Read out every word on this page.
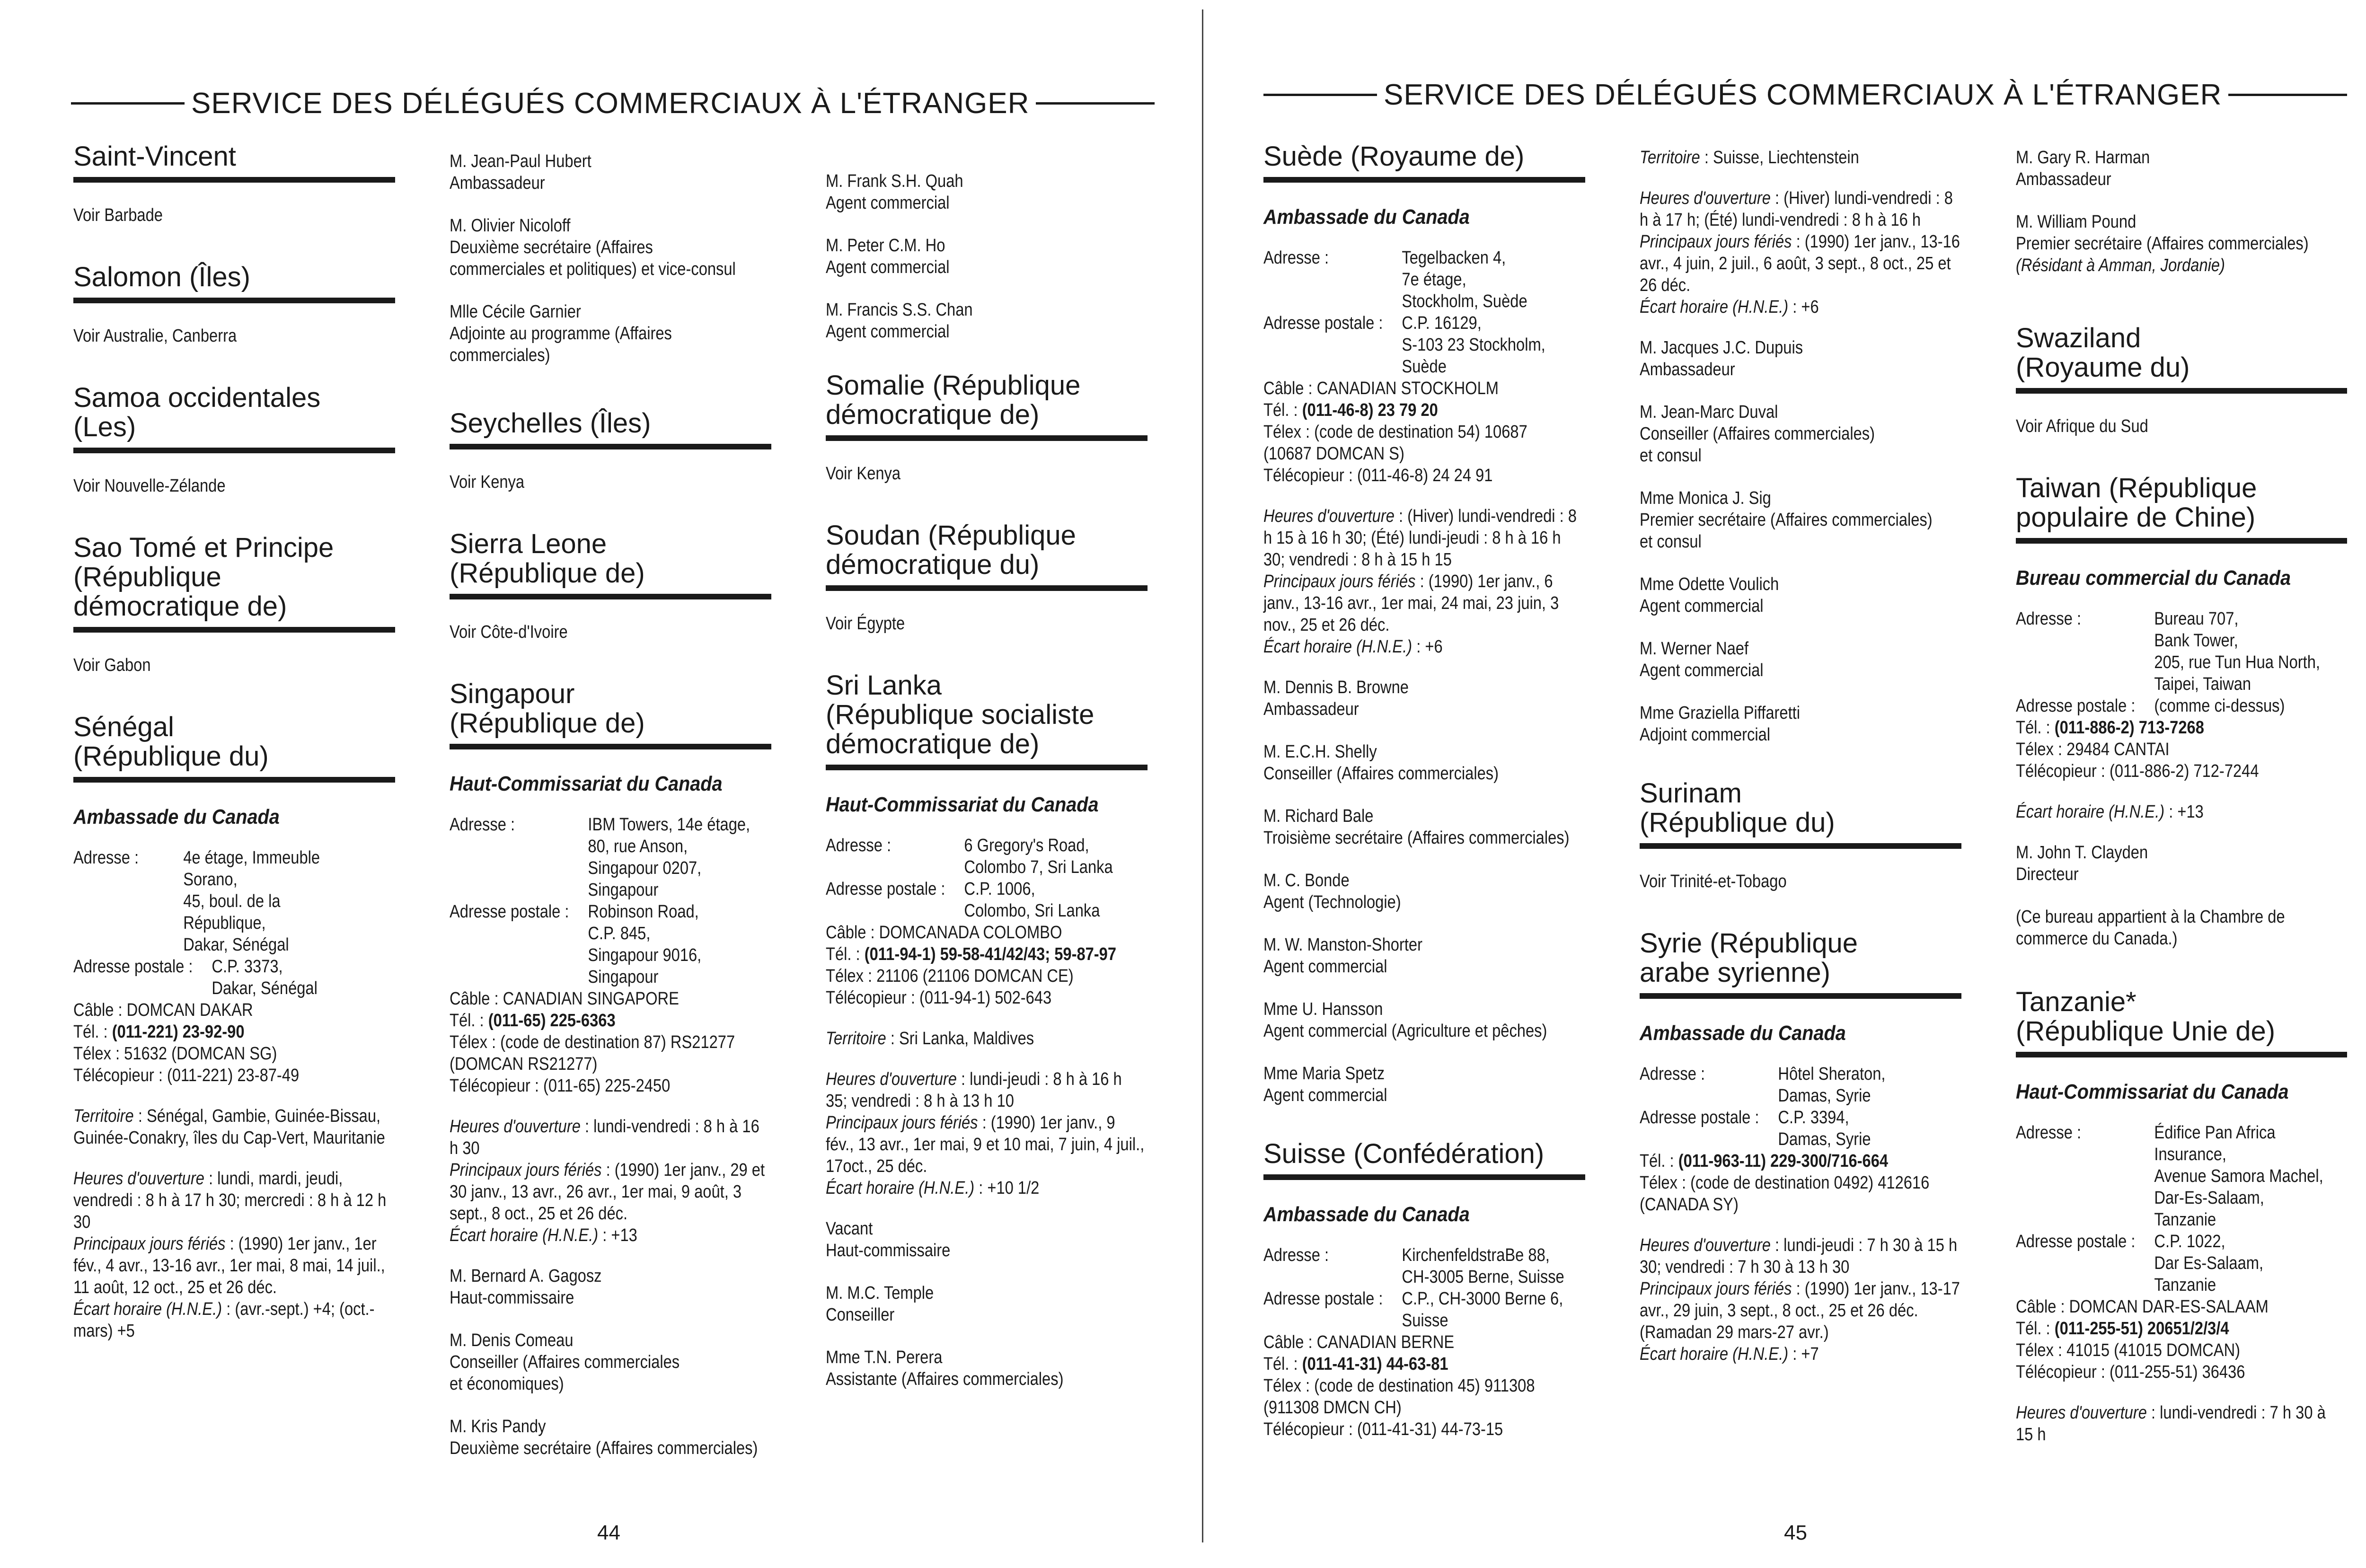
SERVICE DES DÉLÉGUÉS COMMERCIAUX À L'ÉTRANGER
Saint-Vincent
Voir Barbade
Salomon (Îles)
Voir Australie, Canberra
Samoa occidentales
(Les)
Voir Nouvelle-Zélande
Sao Tomé et Principe
(République
démocratique de)
Voir Gabon
Sénégal
(République du)
Ambassade du Canada
Adresse :	4e étage, Immeuble
Sorano,
45, boul. de la
République,
Dakar, Sénégal
Adresse postale :	C.P. 3373,
Dakar, Sénégal
Câble : DOMCAN DAKAR
Tél. : (011-221) 23-92-90
Télex : 51632 (DOMCAN SG)
Télécopieur : (011-221) 23-87-49
Territoire : Sénégal, Gambie, Guinée-Bissau, Guinée-Conakry, îles du Cap-Vert, Mauritanie
Heures d'ouverture : lundi, mardi, jeudi, vendredi : 8 h à 17 h 30; mercredi : 8 h à 12 h 30
Principaux jours fériés : (1990) 1er janv., 1er fév., 4 avr., 13-16 avr., 1er mai, 8 mai, 14 juil., 11 août, 12 oct., 25 et 26 déc.
Écart horaire (H.N.E.) : (avr.-sept.) +4; (oct.-mars) +5
M. Jean-Paul Hubert
Ambassadeur
M. Olivier Nicoloff
Deuxième secrétaire (Affaires
commerciales et politiques) et vice-consul
Mlle Cécile Garnier
Adjointe au programme (Affaires
commerciales)
Seychelles (Îles)
Voir Kenya
Sierra Leone
(République de)
Voir Côte-d'Ivoire
Singapour
(République de)
Haut-Commissariat du Canada
Adresse :	IBM Towers, 14e étage,
80, rue Anson,
Singapour 0207,
Singapour
Adresse postale :	Robinson Road,
C.P. 845,
Singapour 9016,
Singapour
Câble : CANADIAN SINGAPORE
Tél. : (011-65) 225-6363
Télex : (code de destination 87) RS21277
(DOMCAN RS21277)
Télécopieur : (011-65) 225-2450
Heures d'ouverture : lundi-vendredi : 8 h à 16 h 30
Principaux jours fériés : (1990) 1er janv., 29 et 30 janv., 13 avr., 26 avr., 1er mai, 9 août, 3 sept., 8 oct., 25 et 26 déc.
Écart horaire (H.N.E.) : +13
M. Bernard A. Gagosz
Haut-commissaire
M. Denis Comeau
Conseiller (Affaires commerciales
et économiques)
M. Kris Pandy
Deuxième secrétaire (Affaires commerciales)
M. Frank S.H. Quah
Agent commercial
M. Peter C.M. Ho
Agent commercial
M. Francis S.S. Chan
Agent commercial
Somalie (République
démocratique de)
Voir Kenya
Soudan (République
démocratique du)
Voir Égypte
Sri Lanka
(République socialiste
démocratique de)
Haut-Commissariat du Canada
Adresse :	6 Gregory's Road,
Colombo 7, Sri Lanka
Adresse postale :	C.P. 1006,
Colombo, Sri Lanka
Câble : DOMCANADA COLOMBO
Tél. : (011-94-1) 59-58-41/42/43; 59-87-97
Télex : 21106 (21106 DOMCAN CE)
Télécopieur : (011-94-1) 502-643
Territoire : Sri Lanka, Maldives
Heures d'ouverture : lundi-jeudi : 8 h à 16 h 35; vendredi : 8 h à 13 h 10
Principaux jours fériés : (1990) 1er janv., 9 fév., 13 avr., 1er mai, 9 et 10 mai, 7 juin, 4 juil., 17oct., 25 déc.
Écart horaire (H.N.E.) : +10 1/2
Vacant
Haut-commissaire
M. M.C. Temple
Conseiller
Mme T.N. Perera
Assistante (Affaires commerciales)
44
SERVICE DES DÉLÉGUÉS COMMERCIAUX À L'ÉTRANGER
Suède (Royaume de)
Ambassade du Canada
Adresse :	Tegelbacken 4,
7e étage,
Stockholm, Suède
Adresse postale :	C.P. 16129,
S-103 23 Stockholm,
Suède
Câble : CANADIAN STOCKHOLM
Tél. : (011-46-8) 23 79 20
Télex : (code de destination 54) 10687
(10687 DOMCAN S)
Télécopieur : (011-46-8) 24 24 91
Heures d'ouverture : (Hiver) lundi-vendredi : 8 h 15 à 16 h 30; (Été) lundi-jeudi : 8 h à 16 h 30; vendredi : 8 h à 15 h 15
Principaux jours fériés : (1990) 1er janv., 6 janv., 13-16 avr., 1er mai, 24 mai, 23 juin, 3 nov., 25 et 26 déc.
Écart horaire (H.N.E.) : +6
M. Dennis B. Browne
Ambassadeur
M. E.C.H. Shelly
Conseiller (Affaires commerciales)
M. Richard Bale
Troisième secrétaire (Affaires commerciales)
M. C. Bonde
Agent (Technologie)
M. W. Manston-Shorter
Agent commercial
Mme U. Hansson
Agent commercial (Agriculture et pêches)
Mme Maria Spetz
Agent commercial
Suisse (Confédération)
Ambassade du Canada
Adresse :	KirchenfeldstraBe 88,
CH-3005 Berne, Suisse
Adresse postale :	C.P., CH-3000 Berne 6,
Suisse
Câble : CANADIAN BERNE
Tél. : (011-41-31) 44-63-81
Télex : (code de destination 45) 911308
(911308 DMCN CH)
Télécopieur : (011-41-31) 44-73-15
Territoire : Suisse, Liechtenstein
Heures d'ouverture : (Hiver) lundi-vendredi : 8 h à 17 h; (Été) lundi-vendredi : 8 h à 16 h
Principaux jours fériés : (1990) 1er janv., 13-16 avr., 4 juin, 2 juil., 6 août, 3 sept., 8 oct., 25 et 26 déc.
Écart horaire (H.N.E.) : +6
M. Jacques J.C. Dupuis
Ambassadeur
M. Jean-Marc Duval
Conseiller (Affaires commerciales)
et consul
Mme Monica J. Sig
Premier secrétaire (Affaires commerciales)
et consul
Mme Odette Voulich
Agent commercial
M. Werner Naef
Agent commercial
Mme Graziella Piffaretti
Adjoint commercial
Surinam
(République du)
Voir Trinité-et-Tobago
Syrie (République
arabe syrienne)
Ambassade du Canada
Adresse :	Hôtel Sheraton,
Damas, Syrie
Adresse postale :	C.P. 3394,
Damas, Syrie
Tél. : (011-963-11) 229-300/716-664
Télex : (code de destination 0492) 412616
(CANADA SY)
Heures d'ouverture : lundi-jeudi : 7 h 30 à 15 h 30; vendredi : 7 h 30 à 13 h 30
Principaux jours fériés : (1990) 1er janv., 13-17 avr., 29 juin, 3 sept., 8 oct., 25 et 26 déc. (Ramadan 29 mars-27 avr.)
Écart horaire (H.N.E.) : +7
M. Gary R. Harman
Ambassadeur
M. William Pound
Premier secrétaire (Affaires commerciales)
(Résidant à Amman, Jordanie)
Swaziland
(Royaume du)
Voir Afrique du Sud
Taiwan (République
populaire de Chine)
Bureau commercial du Canada
Adresse :	Bureau 707,
Bank Tower,
205, rue Tun Hua North,
Taipei, Taiwan
Adresse postale :	(comme ci-dessus)
Tél. : (011-886-2) 713-7268
Télex : 29484 CANTAI
Télécopieur : (011-886-2) 712-7244
Écart horaire (H.N.E.) : +13
M. John T. Clayden
Directeur
(Ce bureau appartient à la Chambre de
commerce du Canada.)
Tanzanie*
(République Unie de)
Haut-Commissariat du Canada
Adresse :	Édifice Pan Africa
Insurance,
Avenue Samora Machel,
Dar-Es-Salaam,
Tanzanie
Adresse postale :	C.P. 1022,
Dar Es-Salaam,
Tanzanie
Câble : DOMCAN DAR-ES-SALAAM
Tél. : (011-255-51) 20651/2/3/4
Télex : 41015 (41015 DOMCAN)
Télécopieur : (011-255-51) 36436
Heures d'ouverture : lundi-vendredi : 7 h 30 à 15 h
45
